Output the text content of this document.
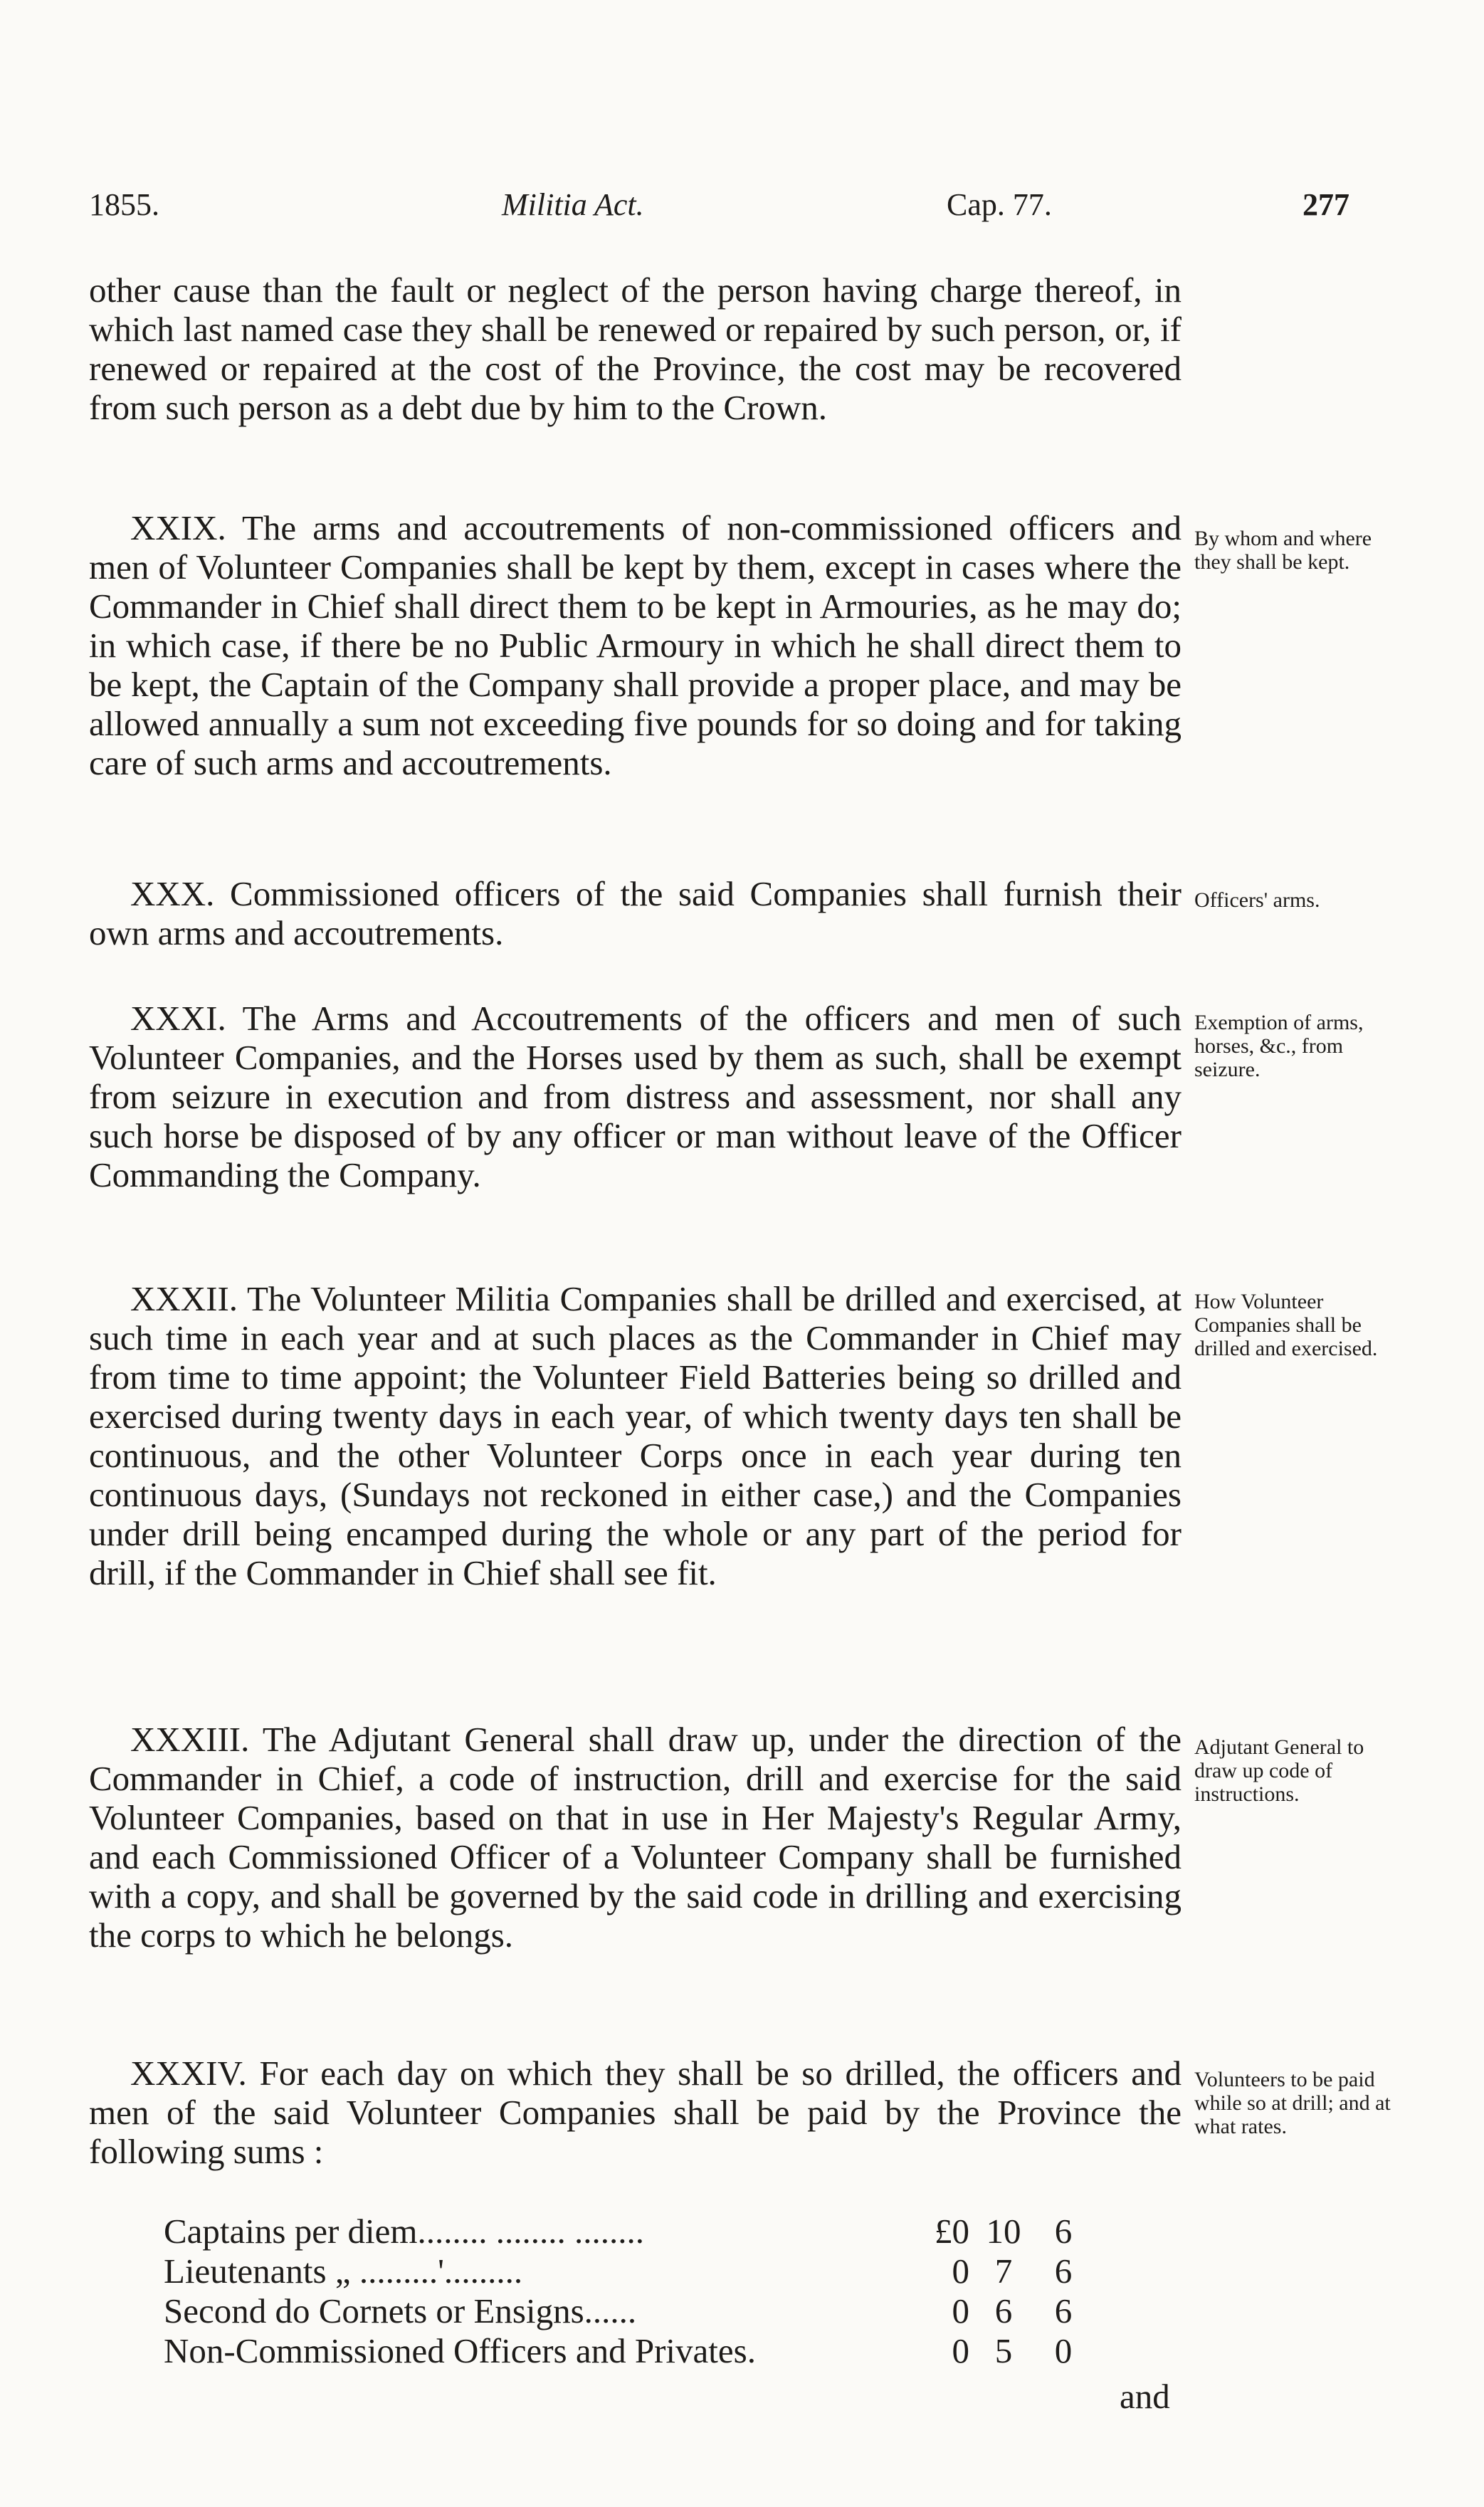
1855.	Militia Act.	Cap. 77.	277

other cause than the fault or neglect of the person having charge thereof, in which last named case they shall be renewed or repaired by such person, or, if renewed or repaired at the cost of the Province, the cost may be recovered from such person as a debt due by him to the Crown.

XXIX. The arms and accoutrements of non-commissioned officers and men of Volunteer Companies shall be kept by them, except in cases where the Commander in Chief shall direct them to be kept in Armouries, as he may do; in which case, if there be no Public Armoury in which he shall direct them to be kept, the Captain of the Company shall provide a proper place, and may be allowed annually a sum not exceeding five pounds for so doing and for taking care of such arms and accoutrements.

By whom and where they shall be kept.

XXX. Commissioned officers of the said Companies shall furnish their own arms and accoutrements.

Officers' arms.

XXXI. The Arms and Accoutrements of the officers and men of such Volunteer Companies, and the Horses used by them as such, shall be exempt from seizure in execution and from distress and assessment, nor shall any such horse be disposed of by any officer or man without leave of the Officer Commanding the Company.

Exemption of arms, horses, &c., from seizure.

XXXII. The Volunteer Militia Companies shall be drilled and exercised, at such time in each year and at such places as the Commander in Chief may from time to time appoint; the Volunteer Field Batteries being so drilled and exercised during twenty days in each year, of which twenty days ten shall be continuous, and the other Volunteer Corps once in each year during ten continuous days, (Sundays not reckoned in either case,) and the Companies under drill being encamped during the whole or any part of the period for drill, if the Commander in Chief shall see fit.

How Volunteer Companies shall be drilled and exercised.

XXXIII. The Adjutant General shall draw up, under the direction of the Commander in Chief, a code of instruction, drill and exercise for the said Volunteer Companies, based on that in use in Her Majesty's Regular Army, and each Commissioned Officer of a Volunteer Company shall be furnished with a copy, and shall be governed by the said code in drilling and exercising the corps to which he belongs.

Adjutant General to draw up code of instructions.

XXXIV. For each day on which they shall be so drilled, the officers and men of the said Volunteer Companies shall be paid by the Province the following sums :

Volunteers to be paid while so at drill; and at what rates.

Captains per diem........ ........ ........	£0 10 6
Lieutenants „ .........'.........	0 7	6
Second do Cornets or Ensigns......	0 6	6
Non-Commissioned Officers and Privates.	0 5	0
and
